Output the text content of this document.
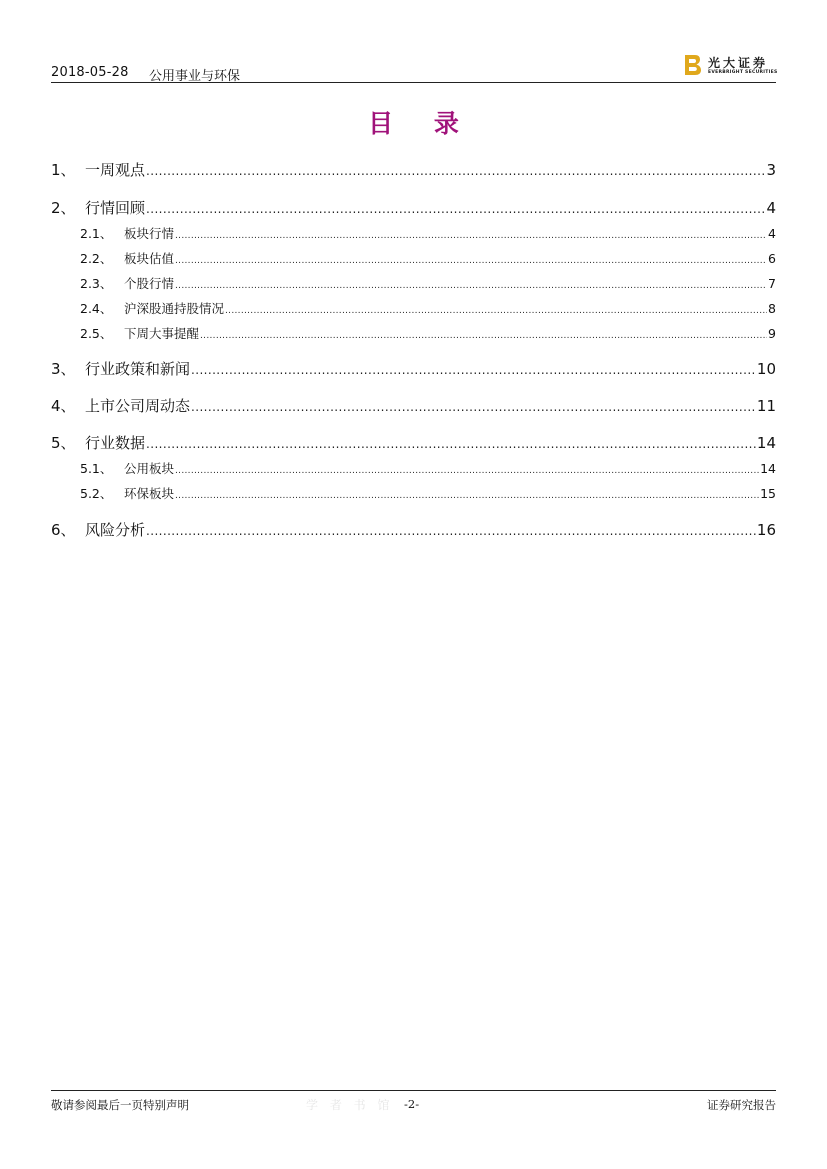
2018-05-28 公用事业与环保
光大证券
EVERBRIGHT SECURITIES
目 录
1、 一周观点 .....	3
2、 行情回顾 .....	4
2.1、 板块行情 .....	4
2.2、 板块估值 .....	6
2.3、 个股行情 .....	7
2.4、 沪深股通持股情况 .....	8
2.5、 下周大事提醒 .....	9
3、 行业政策和新闻 .....	10
4、 上市公司周动态 .....	11
5、 行业数据 .....	14
5.1、 公用板块 .....	14
5.2、 环保板块 .....	15
6、 风险分析 .....	16
敬请参阅最后一页特别声明	学 者 书 馆 -2-	证券研究报告
